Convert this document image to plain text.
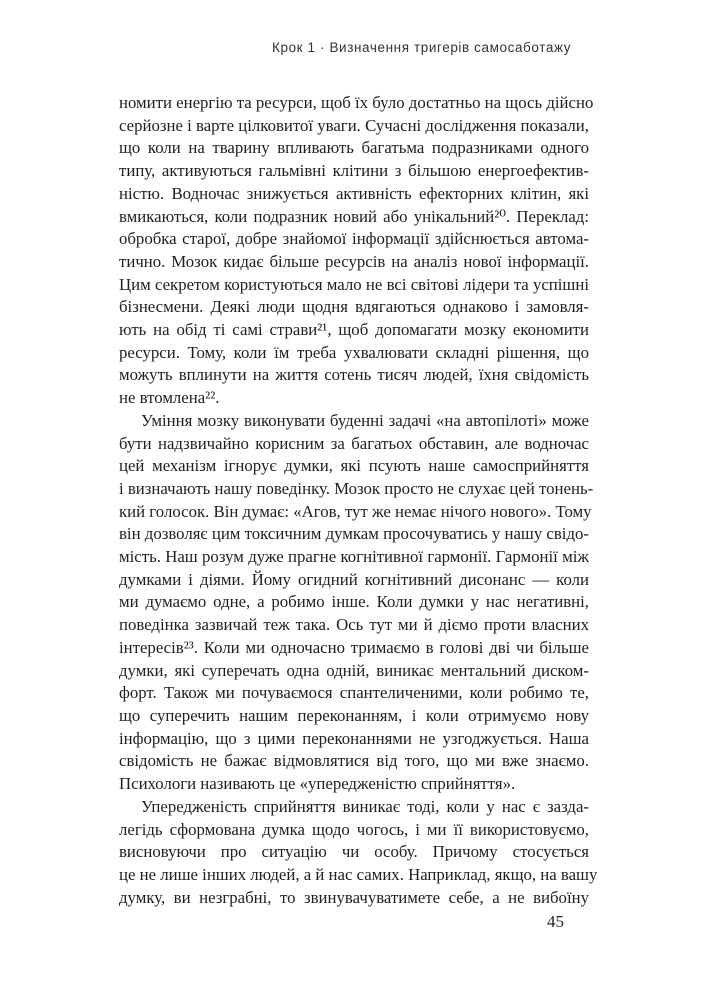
Крок 1 · Визначення тригерів самосаботажу
номити енергію та ресурси, щоб їх було достатньо на щось дійсно
серйозне і варте цілковитої уваги. Сучасні дослідження показали,
що коли на тварину впливають багатьма подразниками одного
типу, активуються гальмівні клітини з більшою енергоефектив-
ністю. Водночас знижується активність ефекторних клітин, які
вмикаються, коли подразник новий або унікальний²⁰. Переклад:
обробка старої, добре знайомої інформації здійснюється автома-
тично. Мозок кидає більше ресурсів на аналіз нової інформації.
Цим секретом користуються мало не всі світові лідери та успішні
бізнесмени. Деякі люди щодня вдягаються однаково і замовля-
ють на обід ті самі страви²¹, щоб допомагати мозку економити
ресурси. Тому, коли їм треба ухвалювати складні рішення, що
можуть вплинути на життя сотень тисяч людей, їхня свідомість
не втомлена²².
Уміння мозку виконувати буденні задачі «на автопілоті» може
бути надзвичайно корисним за багатьох обставин, але водночас
цей механізм ігнорує думки, які псують наше самосприйняття
і визначають нашу поведінку. Мозок просто не слухає цей тонень-
кий голосок. Він думає: «Агов, тут же немає нічого нового». Тому
він дозволяє цим токсичним думкам просочуватись у нашу свідо-
мість. Наш розум дуже прагне когнітивної гармонії. Гармонії між
думками і діями. Йому огидний когнітивний дисонанс — коли
ми думаємо одне, а робимо інше. Коли думки у нас негативні,
поведінка зазвичай теж така. Ось тут ми й діємо проти власних
інтересів²³. Коли ми одночасно тримаємо в голові дві чи більше
думки, які суперечать одна одній, виникає ментальний диском-
форт. Також ми почуваємося спантеличеними, коли робимо те,
що суперечить нашим переконанням, і коли отримуємо нову
інформацію, що з цими переконаннями не узгоджується. Наша
свідомість не бажає відмовлятися від того, що ми вже знаємо.
Психологи називають це «упередженістю сприйняття».
Упередженість сприйняття виникає тоді, коли у нас є зазда-
легідь сформована думка щодо чогось, і ми її використовуємо,
висновуючи про ситуацію чи особу. Причому стосується
це не лише інших людей, а й нас самих. Наприклад, якщо, на вашу
думку, ви незграбні, то звинувачуватимете себе, а не вибоїну
45
